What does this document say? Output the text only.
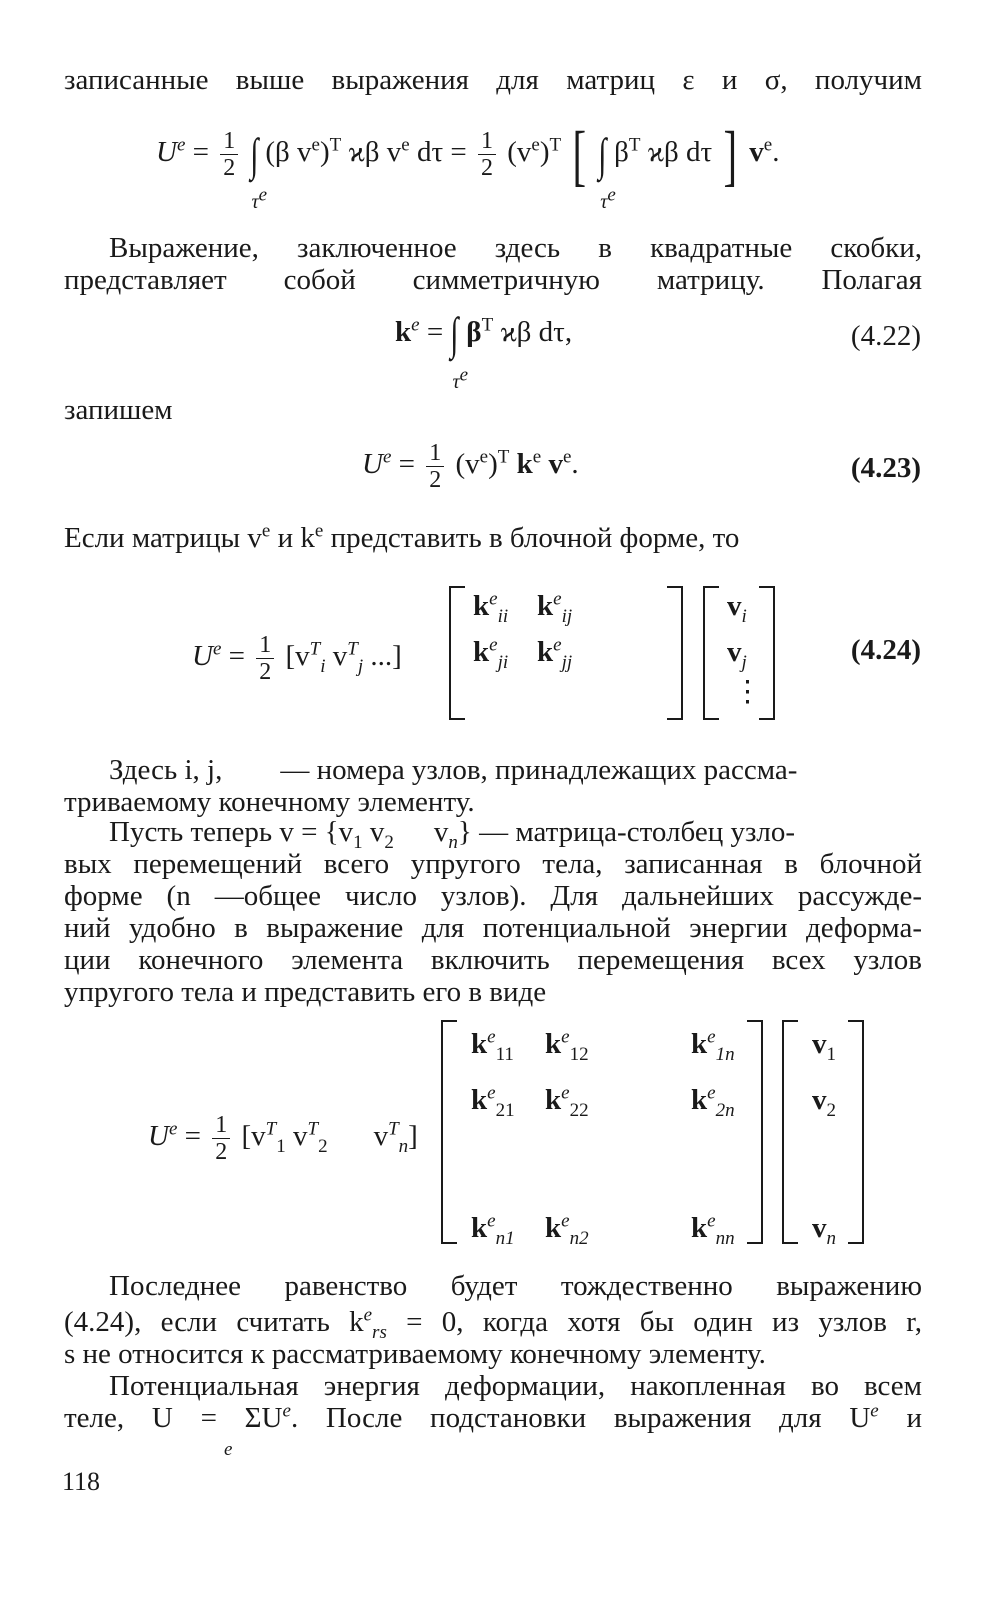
записанные выше выражения для матриц ε и σ, получим
$U^e = \frac{1}{2}$ ∫
$\tau^e$
(β $v^e)^T$ ϰβ $v^e$ $d\tau = \frac{1}{2} (v^e)^T$ [ ∫
$\tau^e$
$\beta^T$ ϰβ dτ ] $v^e$.
Выражение, заключенное здесь в квадратные скобки,
представляет собой симметричную матрицу. Полагая
$k^e$ = ∫
$\tau^e$
$\beta^T$ ϰβ dτ,	(4.22)
запишем
$U^e = \frac{1}{2} (v^e)^T$ $k^e$ $v^e$.	(4.23)
Если матрицы $v^e$ и $k^e$ представить в блочной форме, то
$U^e = \frac{1}{2} [v^T_i$ $v^T_j$ ...]
$k^e_{ii}$ $k^e_{ij}$
$k^e_{ji}$ $k^e_{jj}$
$v_i$
$v_j$
⋮
(4.24)
Здесь i, j, — номера узлов, принадлежащих рассма-
триваемому конечному элементу.
Пусть теперь $v = \{v_1$ $v_2$ $v_n$} — матрица-столбец узло-
вых перемещений всего упругого тела, записанная в блочной
форме (n —общее число узлов). Для дальнейших рассужде-
ний удобно в выражение для потенциальной энергии деформа-
ции конечного элемента включить перемещения всех узлов
упругого тела и представить его в виде
$U^e = \frac{1}{2} [v^T_1$ $v^T_2$ $v^T_n$]
$k^e_{11}$ $k^e_{12}$	$k^e_{1n}$
$k^e_{21}$ $k^e_{22}$	$k^e_{2n}$
$k^e_{n1}$ $k^e_{n2}$	$k^e_{nn}$
$v_1$
$v_2$
$v_n$
Последнее равенство будет тождественно выражению
(4.24), если считать $k^e_{rs} = 0$, когда хотя бы один из узлов r,
s не относится к рассматриваемому конечному элементу.
Потенциальная энергия деформации, накопленная во всем
теле, $U = \Sigma U^e$. После подстановки выражения для $U^e$ и
e
118
